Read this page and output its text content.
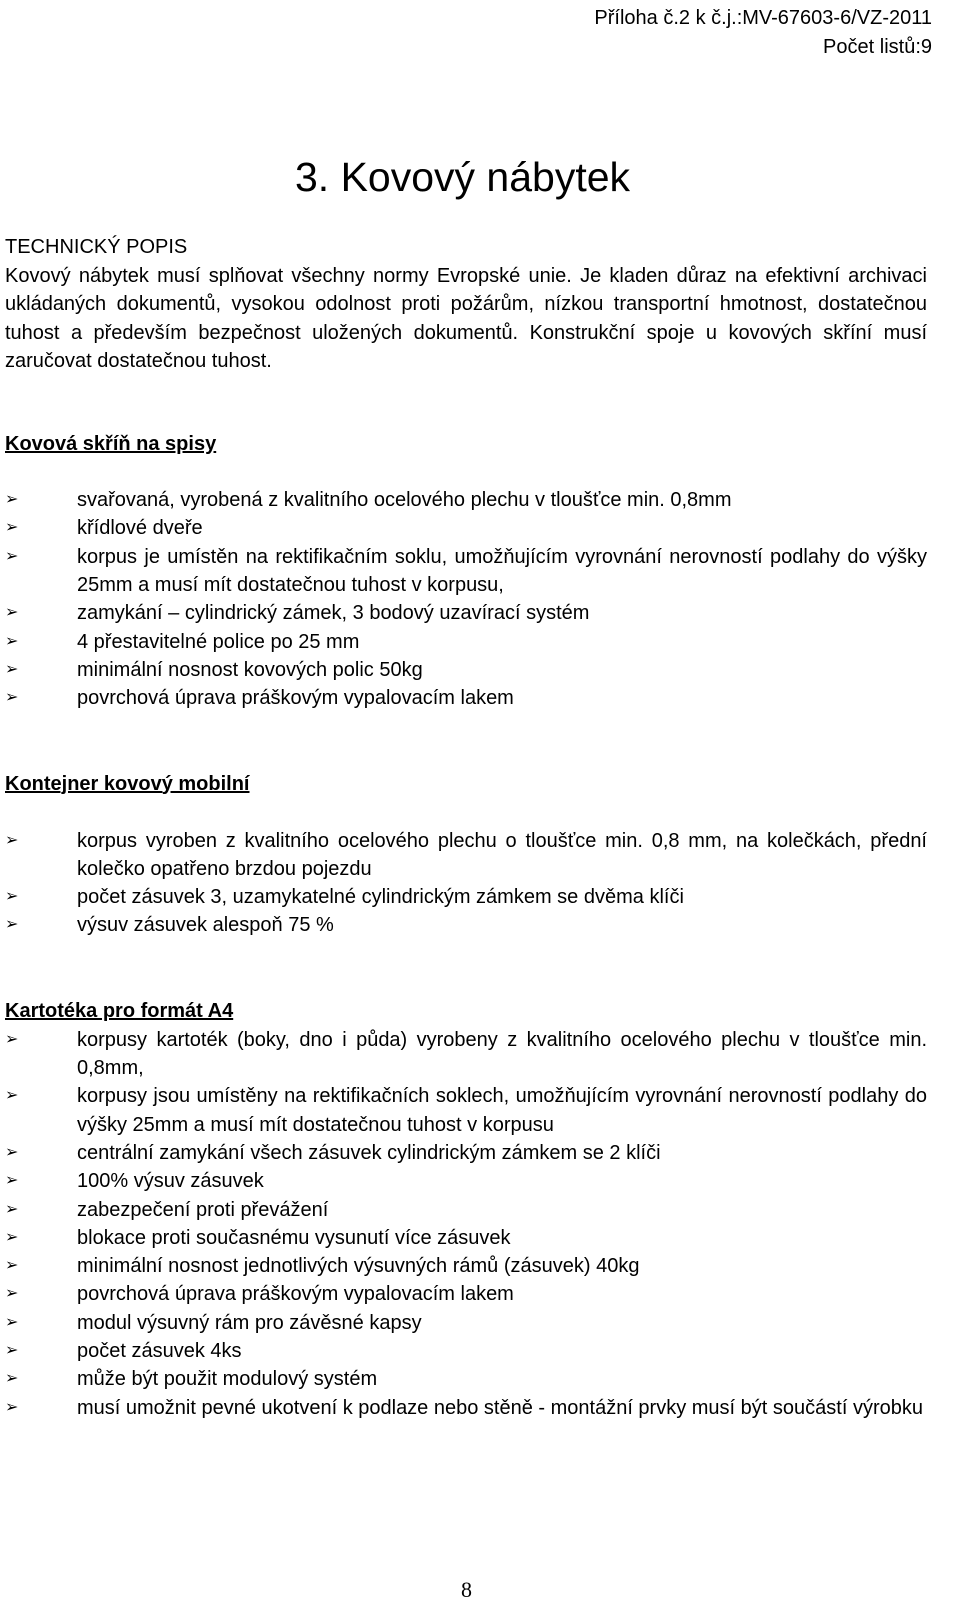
Příloha č.2 k č.j.:MV-67603-6/VZ-2011
Počet listů:9
3. Kovový nábytek
TECHNICKÝ POPIS

Kovový nábytek musí splňovat všechny normy Evropské unie. Je kladen důraz na efektivní archivaci ukládaných dokumentů, vysokou odolnost proti požárům, nízkou transportní hmotnost, dostatečnou tuhost a především bezpečnost uložených dokumentů. Konstrukční spoje u kovových skříní musí zaručovat dostatečnou tuhost.

Kovová skříň na spisy
➢	svařovaná, vyrobená z kvalitního ocelového plechu v tloušťce min. 0,8mm
➢	křídlové dveře
➢	korpus je umístěn na rektifikačním soklu, umožňujícím vyrovnání nerovností podlahy do výšky 25mm a musí mít dostatečnou tuhost v korpusu,
➢	zamykání – cylindrický zámek, 3 bodový uzavírací systém
➢	4 přestavitelné police po 25 mm
➢	minimální nosnost kovových polic 50kg
➢	povrchová úprava práškovým vypalovacím lakem
Kontejner kovový mobilní
➢	korpus vyroben z kvalitního ocelového plechu o tloušťce min. 0,8 mm, na kolečkách, přední kolečko opatřeno brzdou pojezdu
➢	počet zásuvek 3, uzamykatelné cylindrickým zámkem se dvěma klíči
➢	výsuv zásuvek alespoň 75 %
Kartotéka pro formát A4
➢	korpusy kartoték (boky, dno i půda) vyrobeny z kvalitního ocelového plechu v tloušťce min. 0,8mm,
➢	korpusy jsou umístěny na rektifikačních soklech, umožňujícím vyrovnání nerovností podlahy do výšky 25mm a musí mít dostatečnou tuhost v korpusu
➢	centrální zamykání všech zásuvek cylindrickým zámkem se 2 klíči
➢	100% výsuv zásuvek
➢	zabezpečení proti převážení
➢	blokace proti současnému vysunutí více zásuvek
➢	minimální nosnost jednotlivých výsuvných rámů (zásuvek) 40kg
➢	povrchová úprava práškovým vypalovacím lakem
➢	modul výsuvný rám pro závěsné kapsy
➢	počet zásuvek 4ks
➢	může být použit modulový systém
➢	musí umožnit pevné ukotvení k podlaze nebo stěně - montážní prvky musí být součástí výrobku
8
